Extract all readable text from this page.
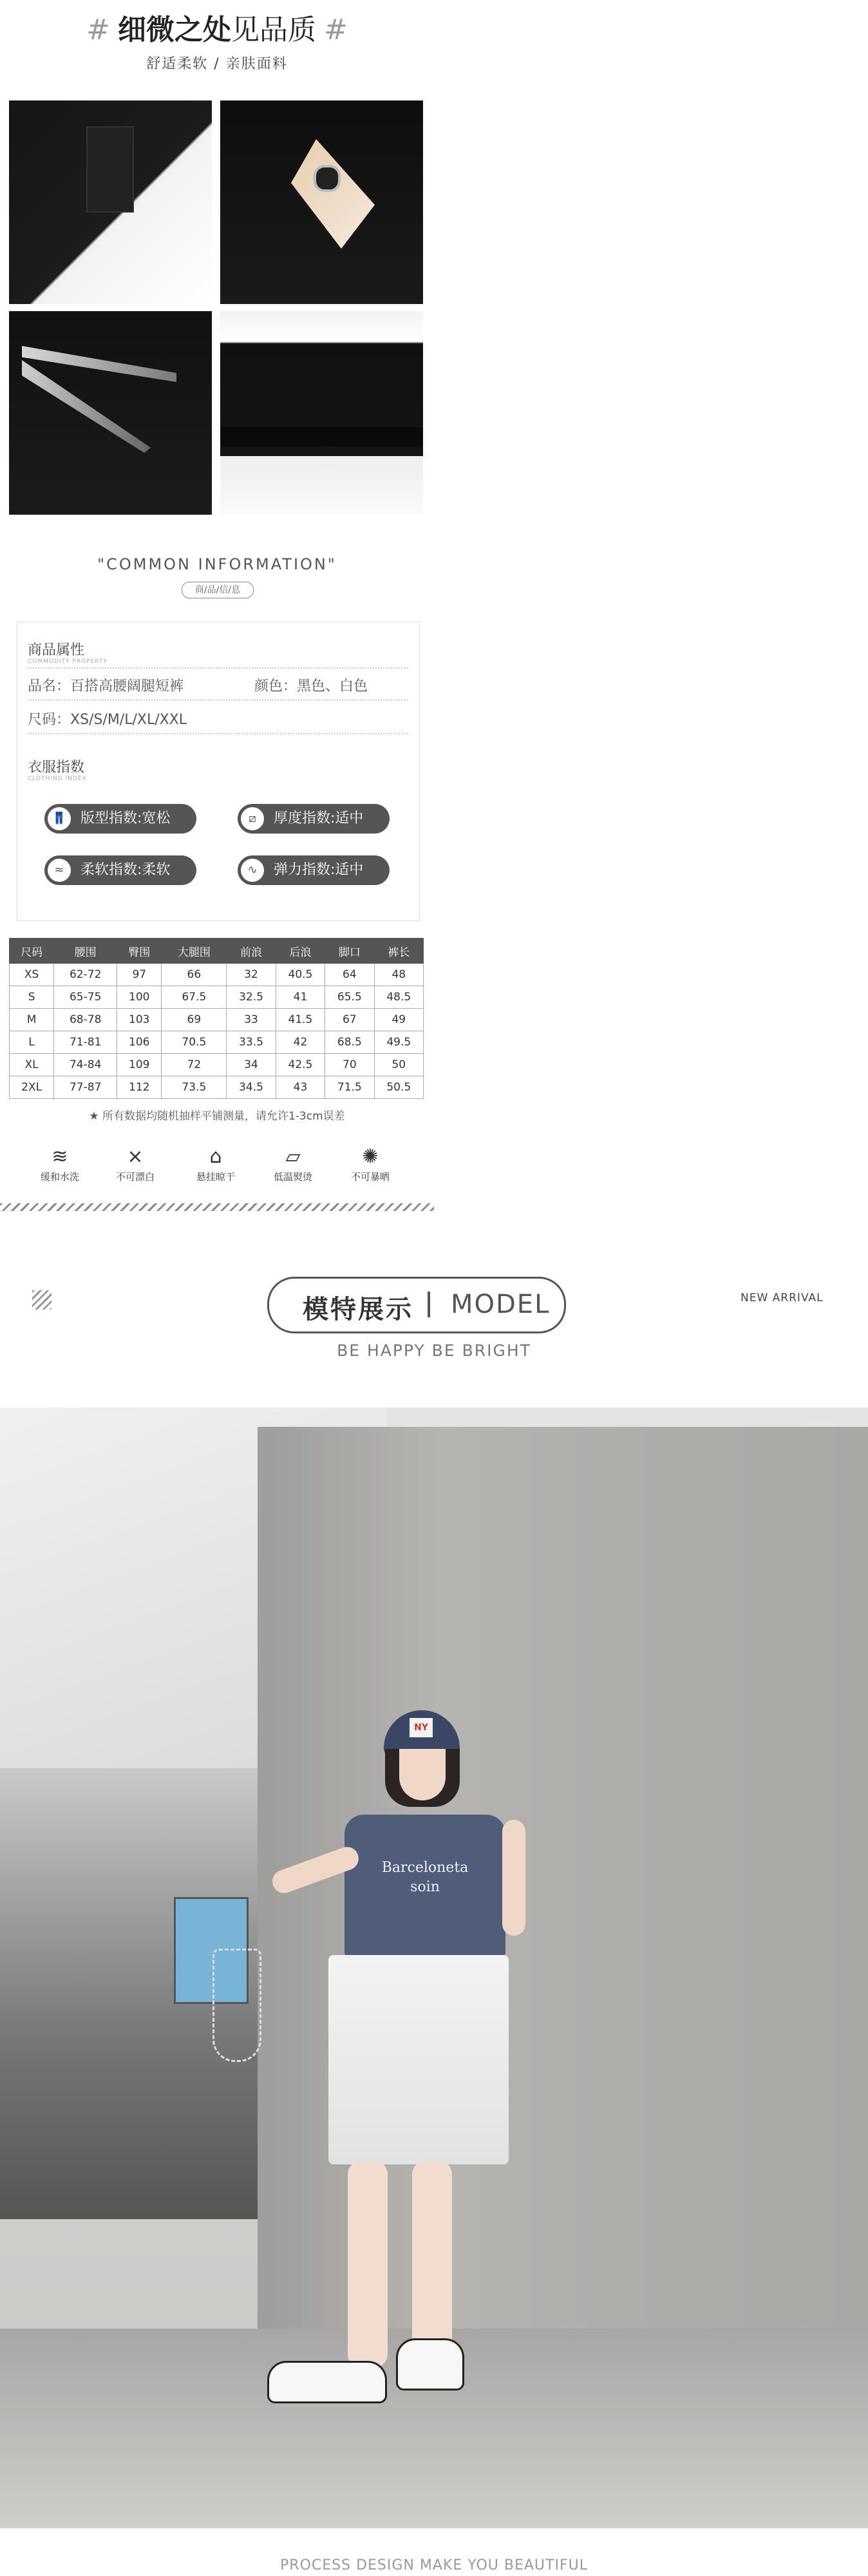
# 细微之处见品质 #
舒适柔软 / 亲肤面料
"COMMON INFORMATION"
商/品/信/息
商品属性
COMMODITY PROPERTY
品名：百搭高腰阔腿短裤	颜色：黑色、白色
尺码：XS/S/M/L/XL/XXL
衣服指数
CLOTHING INDEX
👖 版型指数:宽松	⧄	厚度指数:适中
≈	柔软指数:柔软	∿	弹力指数:适中
尺码	腰围	臀围	大腿围	前浪	后浪	脚口	裤长
XS	62-72	97	66	32	40.5	64	48
S	65-75	100	67.5	32.5	41	65.5	48.5
M	68-78	103	69	33	41.5	67	49
L	71-81	106	70.5	33.5	42	68.5	49.5
XL	74-84	109	72	34	42.5	70	50
2XL	77-87	112	73.5	34.5	43	71.5	50.5
★ 所有数据均随机抽样平铺测量，请允许1-3cm误差
≋
缓和水洗
⨯
不可漂白
⌂
悬挂晾干
▱
低温熨烫
✺
不可暴晒
模特展示 MODEL	NEW ARRIVAL
BE HAPPY BE BRIGHT
NY
Barceloneta
soin
PROCESS DESIGN MAKE YOU BEAUTIFUL
